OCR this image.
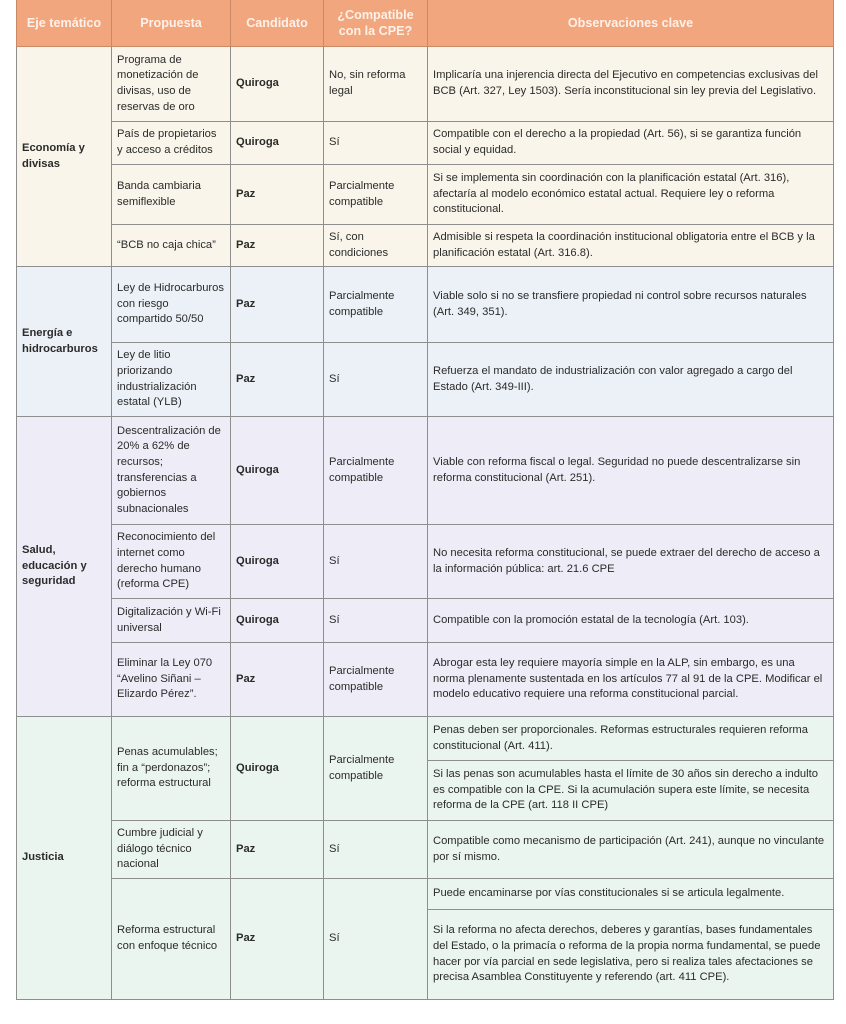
Eje temático	Propuesta	Candidato	¿Compatible con la CPE?	Observaciones clave
Economía y divisas	Programa de monetización de divisas, uso de reservas de oro	Quiroga	No, sin reforma legal	Implicaría una injerencia directa del Ejecutivo en competencias exclusivas del BCB (Art. 327, Ley 1503). Sería inconstitucional sin ley previa del Legislativo.
	País de propietarios y acceso a créditos	Quiroga	Sí	Compatible con el derecho a la propiedad (Art. 56), si se garantiza función social y equidad.
	Banda cambiaria semiflexible	Paz	Parcialmente compatible	Si se implementa sin coordinación con la planificación estatal (Art. 316), afectaría al modelo económico estatal actual. Requiere ley o reforma constitucional.
	“BCB no caja chica”	Paz	Sí, con condiciones	Admisible si respeta la coordinación institucional obligatoria entre el BCB y la planificación estatal (Art. 316.8).
Energía e hidrocarburos	Ley de Hidrocarburos con riesgo compartido 50/50	Paz	Parcialmente compatible	Viable solo si no se transfiere propiedad ni control sobre recursos naturales (Art. 349, 351).
	Ley de litio priorizando industrialización estatal (YLB)	Paz	Sí	Refuerza el mandato de industrialización con valor agregado a cargo del Estado (Art. 349-III).
Salud, educación y seguridad	Descentralización de 20% a 62% de recursos; transferencias a gobiernos subnacionales	Quiroga	Parcialmente compatible	Viable con reforma fiscal o legal. Seguridad no puede descentralizarse sin reforma constitucional (Art. 251).
	Reconocimiento del internet como derecho humano (reforma CPE)	Quiroga	Sí	No necesita reforma constitucional, se puede extraer del derecho de acceso a la información pública: art. 21.6 CPE
	Digitalización y Wi-Fi universal	Quiroga	Sí	Compatible con la promoción estatal de la tecnología (Art. 103).
	Eliminar la Ley 070 “Avelino Siñani – Elizardo Pérez”.	Paz	Parcialmente compatible	Abrogar esta ley requiere mayoría simple en la ALP, sin embargo, es una norma plenamente sustentada en los artículos 77 al 91 de la CPE. Modificar el modelo educativo requiere una reforma constitucional parcial.
Justicia	Penas acumulables; fin a “perdonazos”; reforma estructural	Quiroga	Parcialmente compatible	Penas deben ser proporcionales. Reformas estructurales requieren reforma constitucional (Art. 411).
				Si las penas son acumulables hasta el límite de 30 años sin derecho a indulto es compatible con la CPE. Si la acumulación supera este límite, se necesita reforma de la CPE (art. 118 II CPE)
	Cumbre judicial y diálogo técnico nacional	Paz	Sí	Compatible como mecanismo de participación (Art. 241), aunque no vinculante por sí mismo.
	Reforma estructural con enfoque técnico	Paz	Sí	Puede encaminarse por vías constitucionales si se articula legalmente.
				Si la reforma no afecta derechos, deberes y garantías, bases fundamentales del Estado, o la primacía o reforma de la propia norma fundamental, se puede hacer por vía parcial en sede legislativa, pero si realiza tales afectaciones se precisa Asamblea Constituyente y referendo (art. 411 CPE).
